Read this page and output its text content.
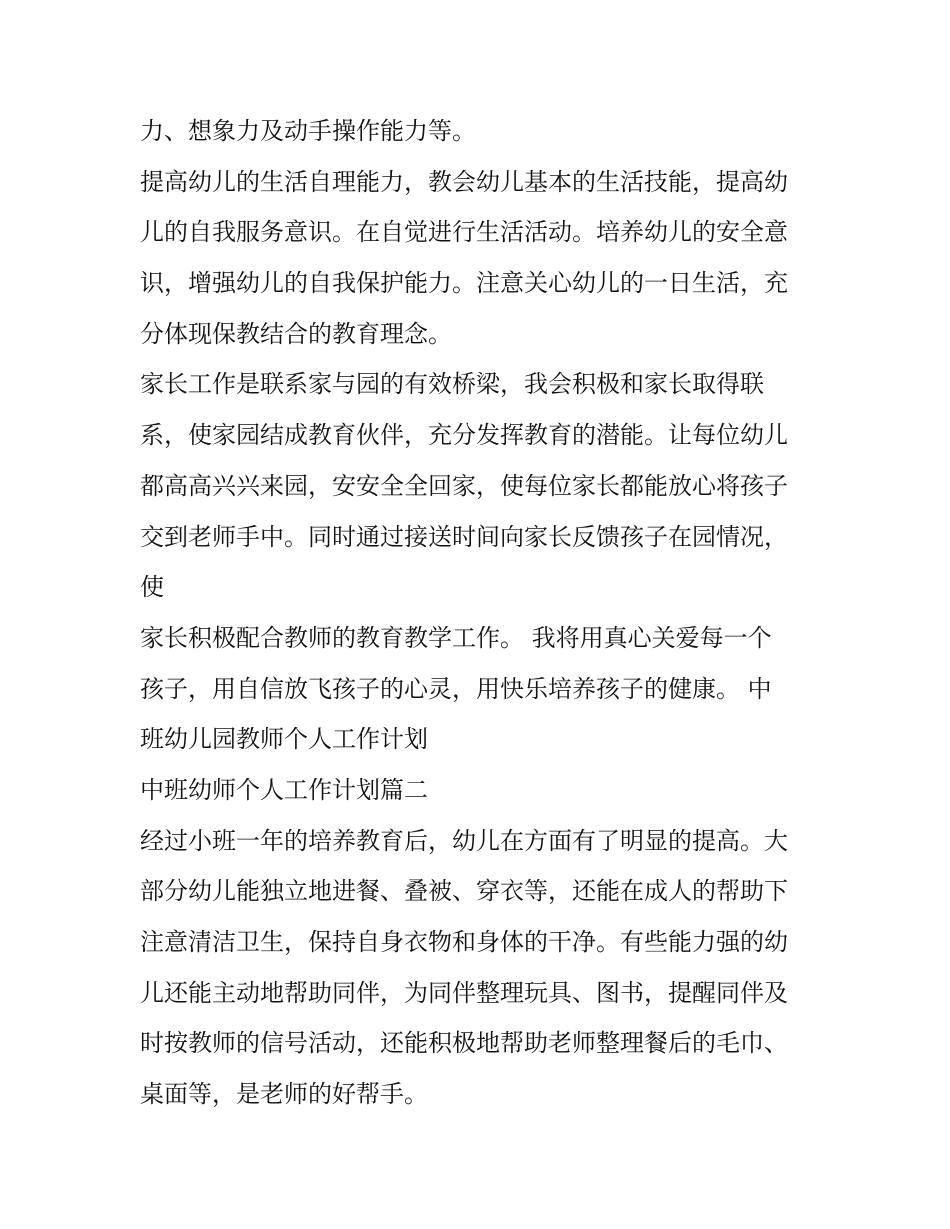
力、想象力及动手操作能力等。
提高幼儿的生活自理能力，教会幼儿基本的生活技能，提高幼
儿的自我服务意识。在自觉进行生活活动。培养幼儿的安全意
识，增强幼儿的自我保护能力。注意关心幼儿的一日生活，充
分体现保教结合的教育理念。
家长工作是联系家与园的有效桥梁，我会积极和家长取得联
系，使家园结成教育伙伴，充分发挥教育的潜能。让每位幼儿
都高高兴兴来园，安安全全回家，使每位家长都能放心将孩子
交到老师手中。同时通过接送时间向家长反馈孩子在园情况，
使
家长积极配合教师的教育教学工作。 我将用真心关爱每一个
孩子，用自信放飞孩子的心灵，用快乐培养孩子的健康。 中
班幼儿园教师个人工作计划
中班幼师个人工作计划篇二
经过小班一年的培养教育后，幼儿在方面有了明显的提高。大
部分幼儿能独立地进餐、叠被、穿衣等，还能在成人的帮助下
注意清洁卫生，保持自身衣物和身体的干净。有些能力强的幼
儿还能主动地帮助同伴，为同伴整理玩具、图书，提醒同伴及
时按教师的信号活动，还能积极地帮助老师整理餐后的毛巾、
桌面等，是老师的好帮手。
